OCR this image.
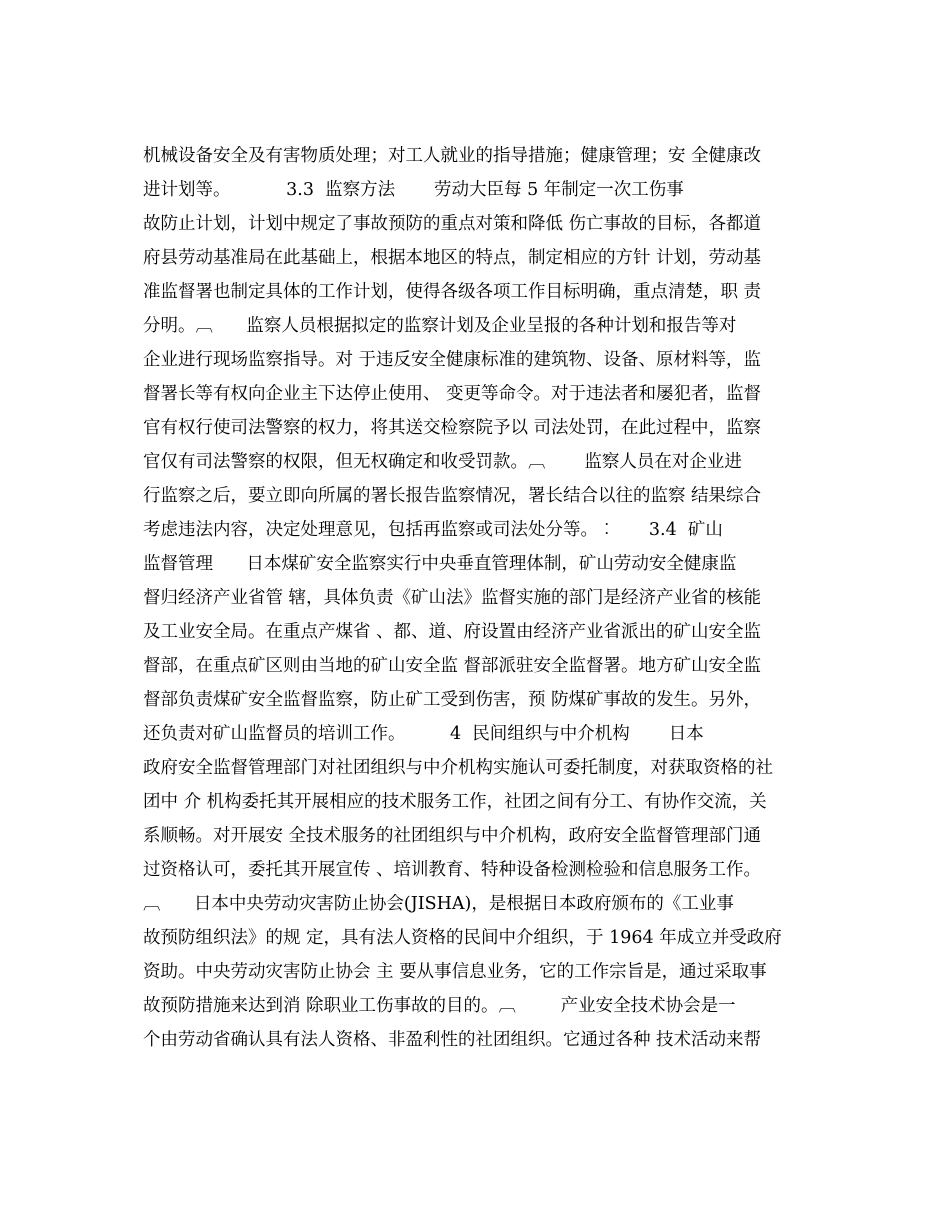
机械设备安全及有害物质处理；对工人就业的指导措施；健康管理；安 全健康改
进计划等。          3.3  监察方法       劳动大臣每 5 年制定一次工伤事
故防止计划，计划中规定了事故预防的重点对策和降低 伤亡事故的目标，各都道
府县劳动基准局在此基础上，根据本地区的特点，制定相应的方针 计划，劳动基
准监督署也制定具体的工作计划，使得各级各项工作目标明确，重点清楚，职 责
分明。︹      监察人员根据拟定的监察计划及企业呈报的各种计划和报告等对
企业进行现场监察指导。对 于违反安全健康标准的建筑物、设备、原材料等，监
督署长等有权向企业主下达停止使用、 变更等命令。对于违法者和屡犯者，监督
官有权行使司法警察的权力，将其送交检察院予以 司法处罚，在此过程中，监察
官仅有司法警察的权限，但无权确定和收受罚款。︹       监察人员在对企业进
行监察之后，要立即向所属的署长报告监察情况，署长结合以往的监察 结果综合
考虑违法内容，决定处理意见，包括再监察或司法处分等。︰      3.4  矿山
监督管理      日本煤矿安全监察实行中央垂直管理体制，矿山劳动安全健康监
督归经济产业省管 辖，具体负责《矿山法》监督实施的部门是经济产业省的核能
及工业安全局。在重点产煤省 、都、道、府设置由经济产业省派出的矿山安全监
督部，在重点矿区则由当地的矿山安全监 督部派驻安全监督署。地方矿山安全监
督部负责煤矿安全监督监察，防止矿工受到伤害，预 防煤矿事故的发生。另外，
还负责对矿山监督员的培训工作。        4  民间组织与中介机构       日本
政府安全监督管理部门对社团组织与中介机构实施认可委托制度，对获取资格的社
团中 介 机构委托其开展相应的技术服务工作，社团之间有分工、有协作交流，关
系顺畅。对开展安 全技术服务的社团组织与中介机构，政府安全监督管理部门通
过资格认可，委托其开展宣传 、培训教育、特种设备检测检验和信息服务工作。
︹      日本中央劳动灾害防止协会(JISHA)，是根据日本政府颁布的《工业事
故预防组织法》的规 定，具有法人资格的民间中介组织，于 1964 年成立并受政府
资助。中央劳动灾害防止协会 主 要从事信息业务，它的工作宗旨是，通过采取事
故预防措施来达到消 除职业工伤事故的目的。︹        产业安全技术协会是一
个由劳动省确认具有法人资格、非盈利性的社团组织。它通过各种 技术活动来帮
